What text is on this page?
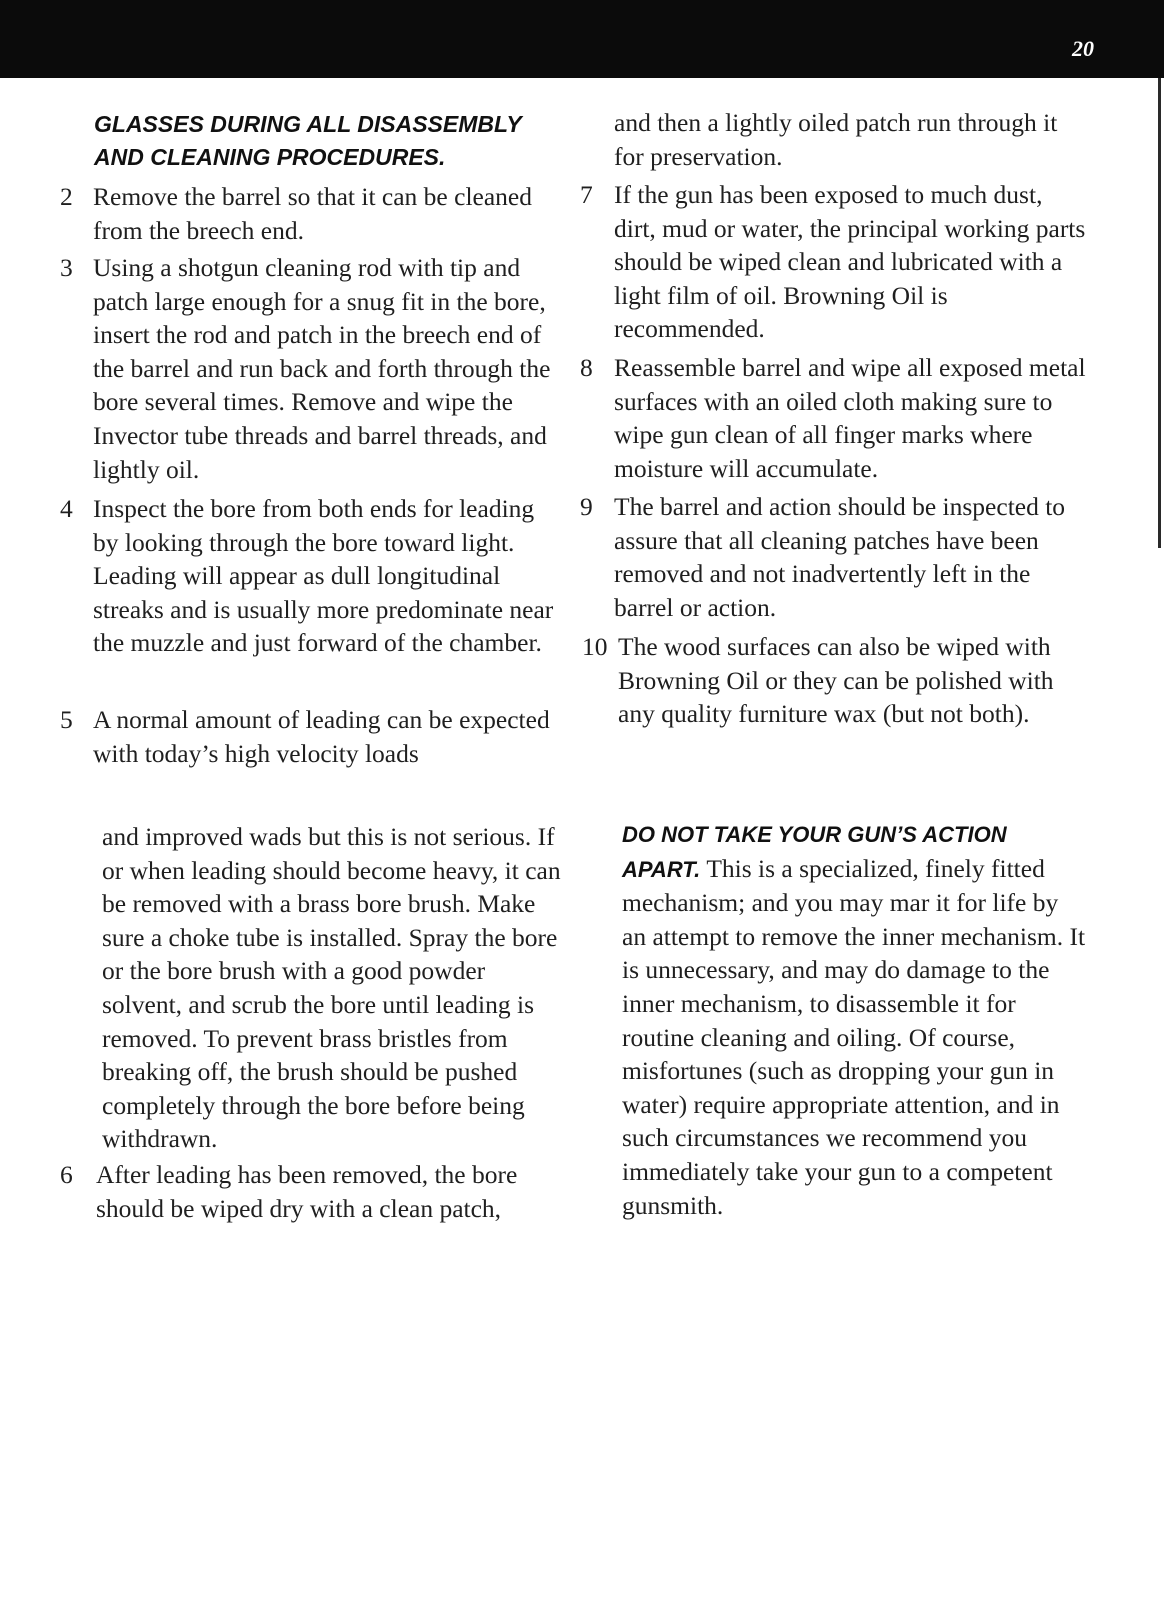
20
GLASSES DURING ALL DISASSEMBLY AND CLEANING PROCEDURES.
2 Remove the barrel so that it can be cleaned from the breech end.
3 Using a shotgun cleaning rod with tip and patch large enough for a snug fit in the bore, insert the rod and patch in the breech end of the barrel and run back and forth through the bore several times. Remove and wipe the Invector tube threads and barrel threads, and lightly oil.
4 Inspect the bore from both ends for leading by looking through the bore toward light. Leading will appear as dull longitudinal streaks and is usually more predominate near the muzzle and just forward of the chamber.
5 A normal amount of leading can be expected with today’s high velocity loads
and improved wads but this is not serious. If or when leading should become heavy, it can be removed with a brass bore brush. Make sure a choke tube is installed. Spray the bore or the bore brush with a good powder solvent, and scrub the bore until leading is removed. To prevent brass bristles from breaking off, the brush should be pushed completely through the bore before being withdrawn.
6 After leading has been removed, the bore should be wiped dry with a clean patch,
and then a lightly oiled patch run through it for preservation.
7 If the gun has been exposed to much dust, dirt, mud or water, the principal working parts should be wiped clean and lubricated with a light film of oil. Browning Oil is recommended.
8 Reassemble barrel and wipe all exposed metal surfaces with an oiled cloth making sure to wipe gun clean of all finger marks where moisture will accumulate.
9 The barrel and action should be inspected to assure that all cleaning patches have been removed and not inadvertently left in the barrel or action.
10 The wood surfaces can also be wiped with Browning Oil or they can be polished with any quality furniture wax (but not both).
DO NOT TAKE YOUR GUN’S ACTION APART. This is a specialized, finely fitted mechanism; and you may mar it for life by an attempt to remove the inner mechanism. It is unnecessary, and may do damage to the inner mechanism, to disassemble it for routine cleaning and oiling. Of course, misfortunes (such as dropping your gun in water) require appropriate attention, and in such circumstances we recommend you immediately take your gun to a competent gunsmith.
